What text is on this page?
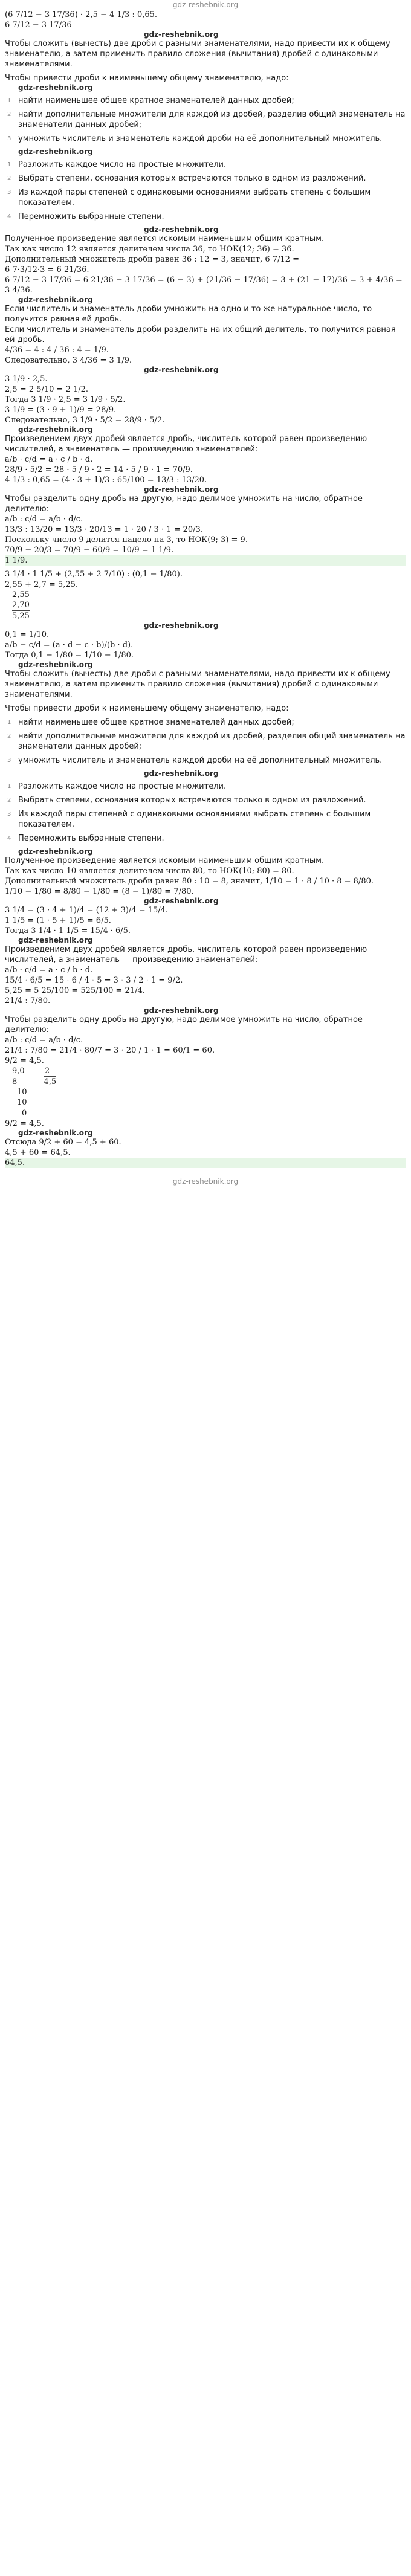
gdz-reshebnik.org

(6 7/12 − 3 17/36) · 2,5 − 4 1/3 : 0,65.

6 7/12 − 3 17/36

gdz-reshebnik.org

Чтобы сложить (вычесть) две дроби с разными знаменателями, надо привести их к общему знаменателю, а затем применить правило сложения (вычитания) дробей с одинаковыми знаменателями.

Чтобы привести дроби к наименьшему общему знаменателю, надо:

gdz-reshebnik.org
1 найти наименьшее общее кратное знаменателей данных дробей;
2 найти дополнительные множители для каждой из дробей, разделив общий знаменатель на знаменатели данных дробей;
3 умножить числитель и знаменатель каждой дроби на её дополнительный множитель.
gdz-reshebnik.org
1 Разложить каждое число на простые множители.
2 Выбрать степени, основания которых встречаются только в одном из разложений.
3 Из каждой пары степеней с одинаковыми основаниями выбрать степень с большим показателем.
4 Перемножить выбранные степени.
gdz-reshebnik.org

Полученное произведение является искомым наименьшим общим кратным.

Так как число 12 является делителем числа 36, то НОК(12; 36) = 36.

Дополнительный множитель дроби равен 36 : 12 = 3, значит, 6 7/12 =

6 7·3/12·3 = 6 21/36.

6 7/12 − 3 17/36 = 6 21/36 − 3 17/36 = (6 − 3) + (21/36 − 17/36) = 3 + (21 − 17)/36 = 3 + 4/36 = 3 4/36.

gdz-reshebnik.org

Если числитель и знаменатель дроби умножить на одно и то же натуральное число, то получится равная ей дробь.

Если числитель и знаменатель дроби разделить на их общий делитель, то получится равная ей дробь.

4/36 = 4 : 4 / 36 : 4 = 1/9.

Следовательно, 3 4/36 = 3 1/9.

gdz-reshebnik.org

3 1/9 · 2,5.

2,5 = 2 5/10 = 2 1/2.

Тогда 3 1/9 · 2,5 = 3 1/9 · 5/2.

3 1/9 = (3 · 9 + 1)/9 = 28/9.

Следовательно, 3 1/9 · 5/2 = 28/9 · 5/2.

gdz-reshebnik.org

Произведением двух дробей является дробь, числитель которой равен произведению числителей, а знаменатель — произведению знаменателей:

a/b · c/d = a · c / b · d.

28/9 · 5/2 = 28 · 5 / 9 · 2 = 14 · 5 / 9 · 1 = 70/9.

4 1/3 : 0,65 = (4 · 3 + 1)/3 : 65/100 = 13/3 : 13/20.

gdz-reshebnik.org

Чтобы разделить одну дробь на другую, надо делимое умножить на число, обратное делителю:

a/b : c/d = a/b · d/c.

13/3 : 13/20 = 13/3 · 20/13 = 1 · 20 / 3 · 1 = 20/3.

Поскольку число 9 делится нацело на 3, то НОК(9; 3) = 9.

70/9 − 20/3 = 70/9 − 60/9 = 10/9 = 1 1/9.

1 1/9.

3 1/4 · 1 1/5 + (2,55 + 2 7/10) : (0,1 − 1/80).

2,55 + 2,7 = 5,25.

2,55

2,70

5,25

gdz-reshebnik.org

0,1 = 1/10.

a/b − c/d = (a · d − c · b)/(b · d).

Тогда 0,1 − 1/80 = 1/10 − 1/80.

gdz-reshebnik.org

Чтобы сложить (вычесть) две дроби с разными знаменателями, надо привести их к общему знаменателю, а затем применить правило сложения (вычитания) дробей с одинаковыми знаменателями.

Чтобы привести дроби к наименьшему общему знаменателю, надо:

1 найти наименьшее общее кратное знаменателей данных дробей;
2 найти дополнительные множители для каждой из дробей, разделив общий знаменатель на знаменатели данных дробей;
3 умножить числитель и знаменатель каждой дроби на её дополнительный множитель.
gdz-reshebnik.org
1 Разложить каждое число на простые множители.
2 Выбрать степени, основания которых встречаются только в одном из разложений.
3 Из каждой пары степеней с одинаковыми основаниями выбрать степень с большим показателем.
4 Перемножить выбранные степени.
gdz-reshebnik.org

Полученное произведение является искомым наименьшим общим кратным.

Так как число 10 является делителем числа 80, то НОК(10; 80) = 80.

Дополнительный множитель дроби равен 80 : 10 = 8, значит, 1/10 = 1 · 8 / 10 · 8 = 8/80.

1/10 − 1/80 = 8/80 − 1/80 = (8 − 1)/80 = 7/80.

gdz-reshebnik.org

3 1/4 = (3 · 4 + 1)/4 = (12 + 3)/4 = 15/4.

1 1/5 = (1 · 5 + 1)/5 = 6/5.

Тогда 3 1/4 · 1 1/5 = 15/4 · 6/5.

gdz-reshebnik.org

Произведением двух дробей является дробь, числитель которой равен произведению числителей, а знаменатель — произведению знаменателей:

a/b · c/d = a · c / b · d.

15/4 · 6/5 = 15 · 6 / 4 · 5 = 3 · 3 / 2 · 1 = 9/2.

5,25 = 5 25/100 = 525/100 = 21/4.

21/4 : 7/80.

gdz-reshebnik.org

Чтобы разделить одну дробь на другую, надо делимое умножить на число, обратное делителю:

a/b : c/d = a/b · d/c.

21/4 : 7/80 = 21/4 · 80/7 = 3 · 20 / 1 · 1 = 60/1 = 60.

9/2 = 4,5.

9,0	2

8	4,5

10

10

0

9/2 = 4,5.

gdz-reshebnik.org

Отсюда 9/2 + 60 = 4,5 + 60.

4,5 + 60 = 64,5.

64,5.

gdz-reshebnik.org
